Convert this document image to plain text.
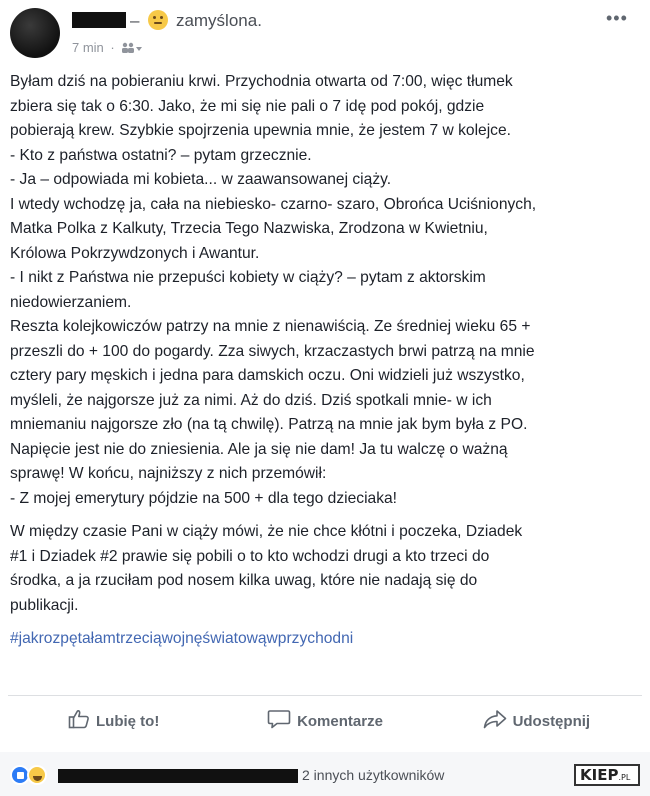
– zamyślona.
7 min ·
•••

Byłam dziś na pobieraniu krwi. Przychodnia otwarta od 7:00, więc tłumek

zbiera się tak o 6:30. Jako, że mi się nie pali o 7 idę pod pokój, gdzie

pobierają krew. Szybkie spojrzenia upewnia mnie, że jestem 7 w kolejce.

- Kto z państwa ostatni? – pytam grzecznie.

- Ja – odpowiada mi kobieta... w zaawansowanej ciąży.

I wtedy wchodzę ja, cała na niebiesko- czarno- szaro, Obrońca Uciśnionych,

Matka Polka z Kalkuty, Trzecia Tego Nazwiska, Zrodzona w Kwietniu,

Królowa Pokrzywdzonych i Awantur.

- I nikt z Państwa nie przepuści kobiety w ciąży? – pytam z aktorskim

niedowierzaniem.

Reszta kolejkowiczów patrzy na mnie z nienawiścią. Ze średniej wieku 65 +

przeszli do + 100 do pogardy. Zza siwych, krzaczastych brwi patrzą na mnie

cztery pary męskich i jedna para damskich oczu. Oni widzieli już wszystko,

myśleli, że najgorsze już za nimi. Aż do dziś. Dziś spotkali mnie- w ich

mniemaniu najgorsze zło (na tą chwilę). Patrzą na mnie jak bym była z PO.

Napięcie jest nie do zniesienia. Ale ja się nie dam! Ja tu walczę o ważną

sprawę! W końcu, najniższy z nich przemówił:

- Z mojej emerytury pójdzie na 500 + dla tego dzieciaka!

W między czasie Pani w ciąży mówi, że nie chce kłótni i poczeka, Dziadek

#1 i Dziadek #2 prawie się pobili o to kto wchodzi drugi a kto trzeci do

środka, a ja rzuciłam pod nosem kilka uwag, które nie nadają się do

publikacji.

#jakrozpętałamtrzeciąwojnęświatowąwprzychodni

Lubię to!	Komentarze	Udostępnij
2 innych użytkowników	KIEP.PL
